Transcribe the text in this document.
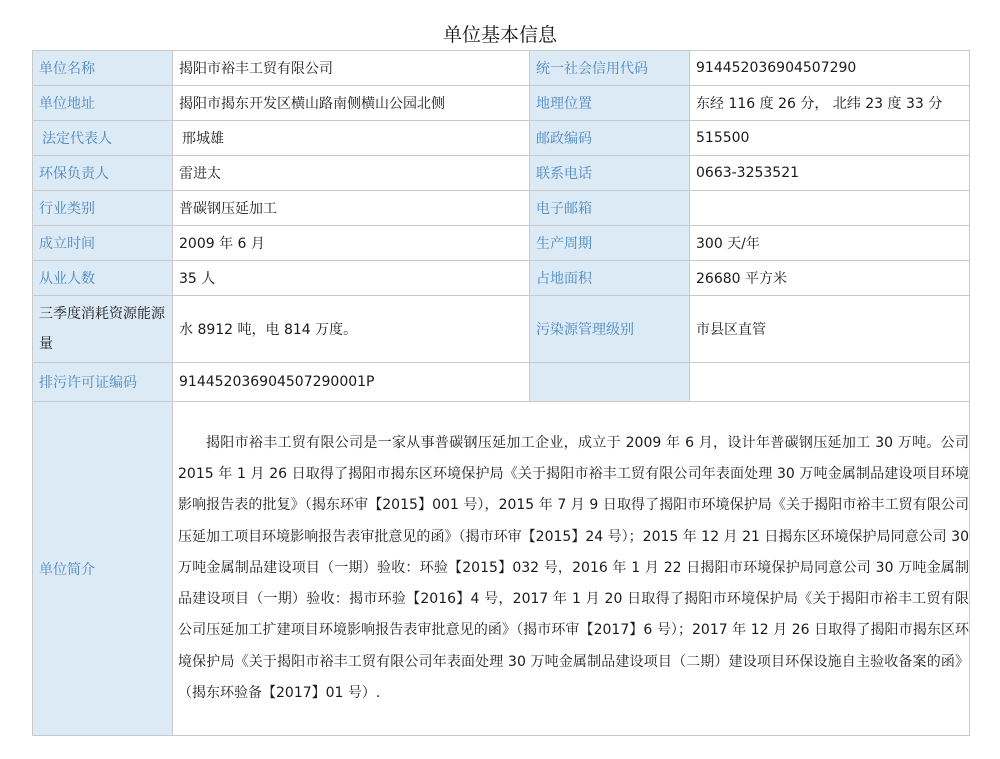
单位基本信息
单位名称	揭阳市裕丰工贸有限公司	统一社会信用代码	914452036904507290
单位地址	揭阳市揭东开发区横山路南侧横山公园北侧	地理位置	东经 116 度 26 分， 北纬 23 度 33 分
法定代表人	邢城雄	邮政编码	515500
环保负责人	雷进太	联系电话	0663-3253521
行业类别	普碳钢压延加工	电子邮箱	
成立时间	2009 年 6 月	生产周期	300 天/年
从业人数	35 人	占地面积	26680 平方米
三季度消耗资源能源量	水 8912 吨，电 814 万度。	污染源管理级别	市县区直管
排污许可证编码	914452036904507290001P		
单位简介	揭阳市裕丰工贸有限公司是一家从事普碳钢压延加工企业，成立于 2009 年 6 月，设计年普碳钢压延加工 30 万吨。公司 2015 年 1 月 26 日取得了揭阳市揭东区环境保护局《关于揭阳市裕丰工贸有限公司年表面处理 30 万吨金属制品建设项目环境影响报告表的批复》（揭东环审【2015】001 号），2015 年 7 月 9 日取得了揭阳市环境保护局《关于揭阳市裕丰工贸有限公司压延加工项目环境影响报告表审批意见的函》（揭市环审【2015】24 号）；2015 年 12 月 21 日揭东区环境保护局同意公司 30 万吨金属制品建设项目（一期）验收：环验【2015】032 号，2016 年 1 月 22 日揭阳市环境保护局同意公司 30 万吨金属制品建设项目（一期）验收：揭市环验【2016】4 号，2017 年 1 月 20 日取得了揭阳市环境保护局《关于揭阳市裕丰工贸有限公司压延加工扩建项目环境影响报告表审批意见的函》（揭市环审【2017】6 号）；2017 年 12 月 26 日取得了揭阳市揭东区环境保护局《关于揭阳市裕丰工贸有限公司年表面处理 30 万吨金属制品建设项目（二期）建设项目环保设施自主验收备案的函》（揭东环验备【2017】01 号）.		
